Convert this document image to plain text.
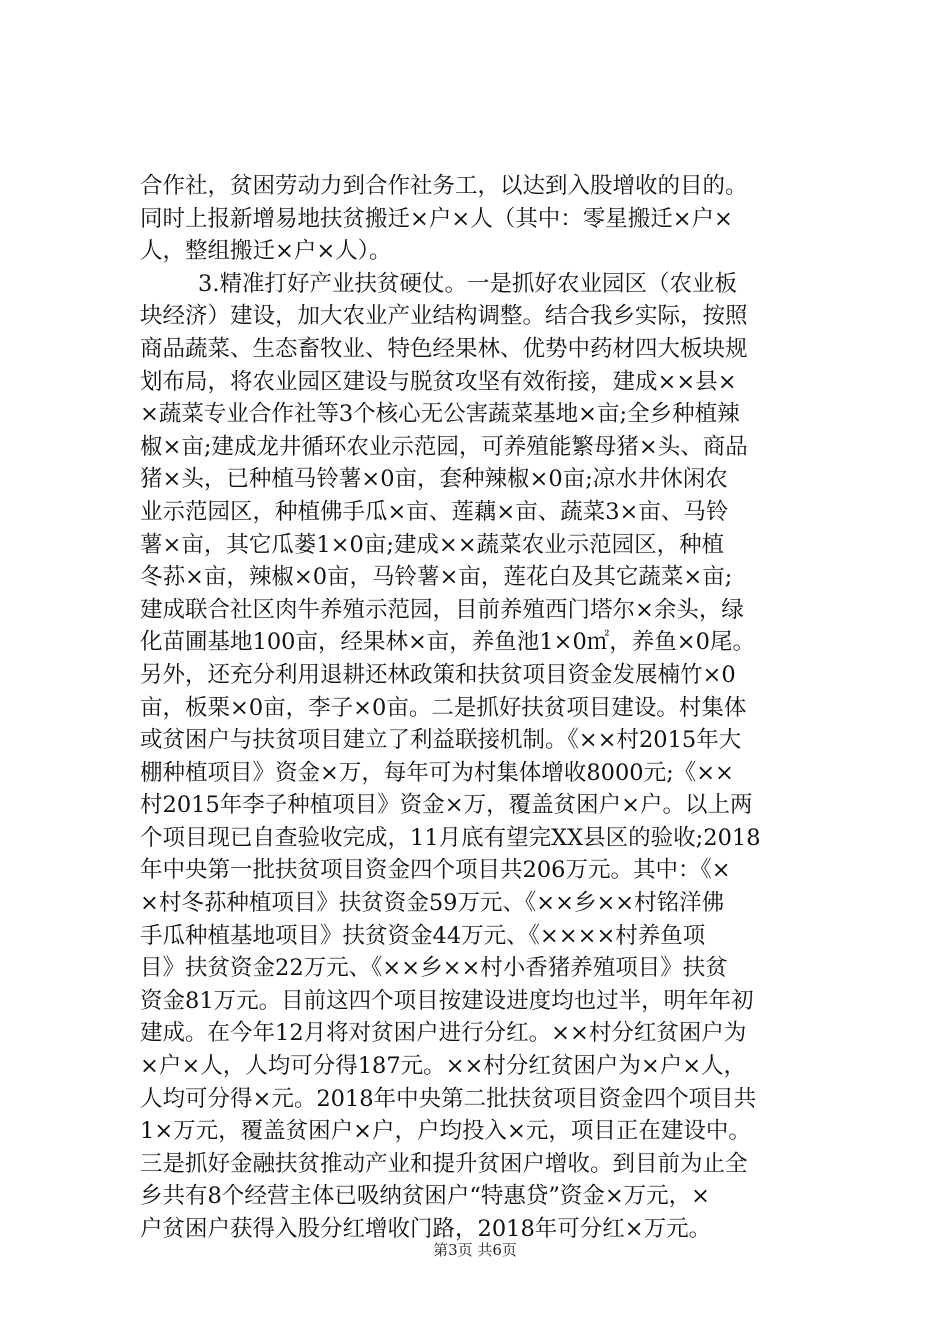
合作社，贫困劳动力到合作社务工，以达到入股增收的目的。
同时上报新增易地扶贫搬迁×户×人（其中：零星搬迁×户×
人，整组搬迁×户×人）。
3.精准打好产业扶贫硬仗。一是抓好农业园区（农业板
块经济）建设，加大农业产业结构调整。结合我乡实际，按照
商品蔬菜、生态畜牧业、特色经果林、优势中药材四大板块规
划布局，将农业园区建设与脱贫攻坚有效衔接，建成××县×
×蔬菜专业合作社等3个核心无公害蔬菜基地×亩;全乡种植辣
椒×亩;建成龙井循环农业示范园，可养殖能繁母猪×头、商品
猪×头，已种植马铃薯×0亩，套种辣椒×0亩;凉水井休闲农
业示范园区，种植佛手瓜×亩、莲藕×亩、蔬菜3×亩、马铃
薯×亩，其它瓜蒌1×0亩;建成××蔬菜农业示范园区，种植
冬荪×亩，辣椒×0亩，马铃薯×亩，莲花白及其它蔬菜×亩;
建成联合社区肉牛养殖示范园，目前养殖西门塔尔×余头，绿
化苗圃基地100亩，经果林×亩，养鱼池1×0㎡，养鱼×0尾。
另外，还充分利用退耕还林政策和扶贫项目资金发展楠竹×0
亩，板栗×0亩，李子×0亩。二是抓好扶贫项目建设。村集体
或贫困户与扶贫项目建立了利益联接机制。《××村2015年大
棚种植项目》资金×万，每年可为村集体增收8000元;《××
村2015年李子种植项目》资金×万，覆盖贫困户×户。以上两
个项目现已自查验收完成，11月底有望完XX县区的验收;2018
年中央第一批扶贫项目资金四个项目共206万元。其中：《×
×村冬荪种植项目》扶贫资金59万元、《××乡××村铭洋佛
手瓜种植基地项目》扶贫资金44万元、《××××村养鱼项
目》扶贫资金22万元、《××乡××村小香猪养殖项目》扶贫
资金81万元。目前这四个项目按建设进度均也过半，明年年初
建成。在今年12月将对贫困户进行分红。××村分红贫困户为
×户×人，人均可分得187元。××村分红贫困户为×户×人，
人均可分得×元。2018年中央第二批扶贫项目资金四个项目共
1×万元，覆盖贫困户×户，户均投入×元，项目正在建设中。
三是抓好金融扶贫推动产业和提升贫困户增收。到目前为止全
乡共有8个经营主体已吸纳贫困户“特惠贷”资金×万元，×
户贫困户获得入股分红增收门路，2018年可分红×万元。
第3页 共6页
